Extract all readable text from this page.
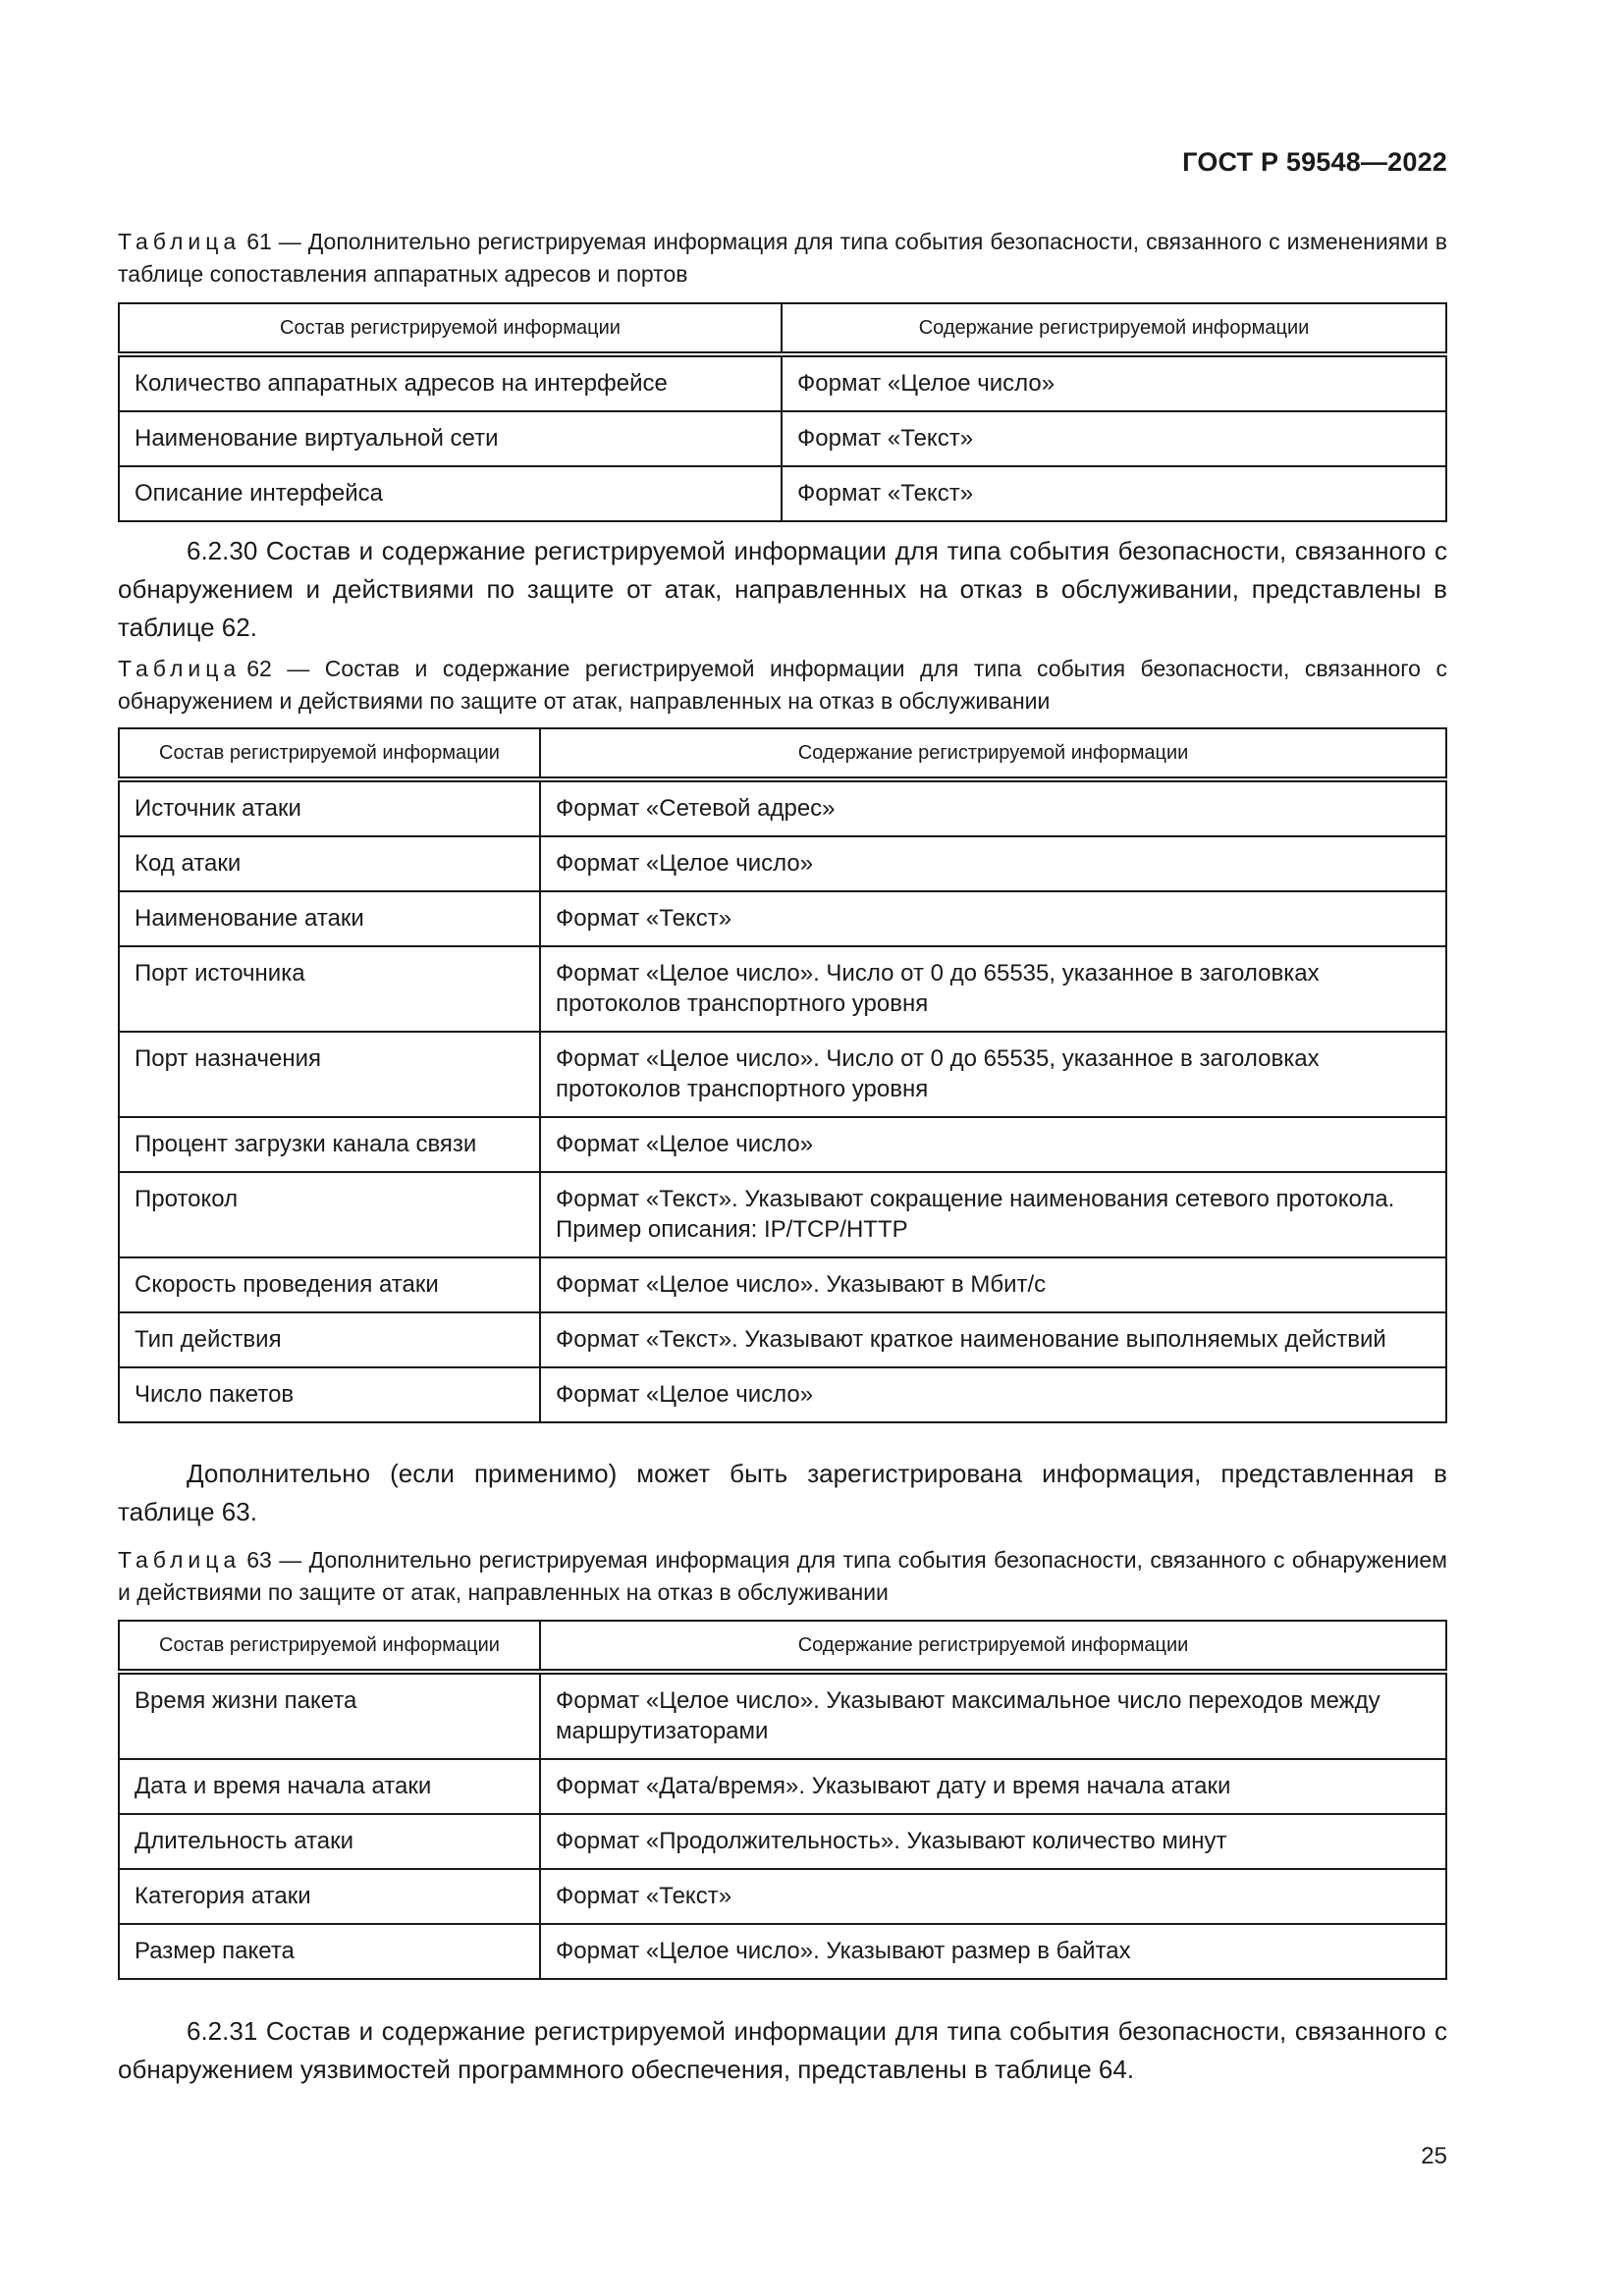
ГОСТ Р 59548—2022
Таблица 61 — Дополнительно регистрируемая информация для типа события безопасности, связанного с изменениями в таблице сопоставления аппаратных адресов и портов
Состав регистрируемой информации	Содержание регистрируемой информации
Количество аппаратных адресов на интерфейсе	Формат «Целое число»
Наименование виртуальной сети	Формат «Текст»
Описание интерфейса	Формат «Текст»
6.2.30 Состав и содержание регистрируемой информации для типа события безопасности, связанного с обнаружением и действиями по защите от атак, направленных на отказ в обслуживании, представлены в таблице 62.
Таблица 62 — Состав и содержание регистрируемой информации для типа события безопасности, связанного с обнаружением и действиями по защите от атак, направленных на отказ в обслуживании
Состав регистрируемой информации	Содержание регистрируемой информации
Источник атаки	Формат «Сетевой адрес»
Код атаки	Формат «Целое число»
Наименование атаки	Формат «Текст»
Порт источника	Формат «Целое число». Число от 0 до 65535, указанное в заголовках протоколов транспортного уровня
Порт назначения	Формат «Целое число». Число от 0 до 65535, указанное в заголовках протоколов транспортного уровня
Процент загрузки канала связи	Формат «Целое число»
Протокол	Формат «Текст». Указывают сокращение наименования сетевого протокола. Пример описания: IP/TCP/HTTP
Скорость проведения атаки	Формат «Целое число». Указывают в Мбит/с
Тип действия	Формат «Текст». Указывают краткое наименование выполняемых действий
Число пакетов	Формат «Целое число»
Дополнительно (если применимо) может быть зарегистрирована информация, представленная в таблице 63.
Таблица 63 — Дополнительно регистрируемая информация для типа события безопасности, связанного с обнаружением и действиями по защите от атак, направленных на отказ в обслуживании
Состав регистрируемой информации	Содержание регистрируемой информации
Время жизни пакета	Формат «Целое число». Указывают максимальное число переходов между маршрутизаторами
Дата и время начала атаки	Формат «Дата/время». Указывают дату и время начала атаки
Длительность атаки	Формат «Продолжительность». Указывают количество минут
Категория атаки	Формат «Текст»
Размер пакета	Формат «Целое число». Указывают размер в байтах
6.2.31 Состав и содержание регистрируемой информации для типа события безопасности, связанного с обнаружением уязвимостей программного обеспечения, представлены в таблице 64.
25
